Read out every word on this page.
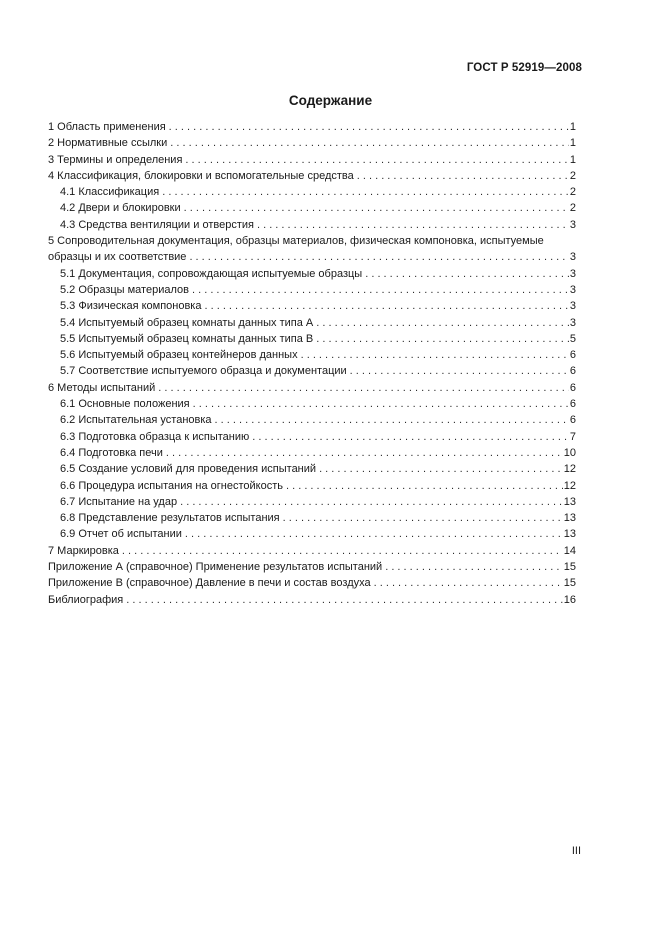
ГОСТ Р 52919—2008
Содержание
1 Область применения . . .	1
2 Нормативные ссылки . . .	1
3 Термины и определения . . .	1
4 Классификация, блокировки и вспомогательные средства . . .	2
4.1 Классификация . . .	2
4.2 Двери и блокировки . . .	2
4.3 Средства вентиляции и отверстия . . .	3
5 Сопроводительная документация, образцы материалов, физическая компоновка, испытуемые
образцы и их соответствие . . .	3
5.1 Документация, сопровождающая испытуемые образцы . . .	3
5.2 Образцы материалов . . .	3
5.3 Физическая компоновка . . .	3
5.4 Испытуемый образец комнаты данных типа А . . .	3
5.5 Испытуемый образец комнаты данных типа В . . .	5
5.6 Испытуемый образец контейнеров данных . . .	6
5.7 Соответствие испытуемого образца и документации . . .	6
6 Методы испытаний . . .	6
6.1 Основные положения . . .	6
6.2 Испытательная установка . . .	6
6.3 Подготовка образца к испытанию . . .	7
6.4 Подготовка печи . . .	10
6.5 Создание условий для проведения испытаний . . .	12
6.6 Процедура испытания на огнестойкость . . .	12
6.7 Испытание на удар . . .	13
6.8 Представление результатов испытания . . .	13
6.9 Отчет об испытании . . .	13
7 Маркировка . . .	14
Приложение А (справочное) Применение результатов испытаний . . .	15
Приложение В (справочное) Давление в печи и состав воздуха . . .	15
Библиография . . .	16
III
